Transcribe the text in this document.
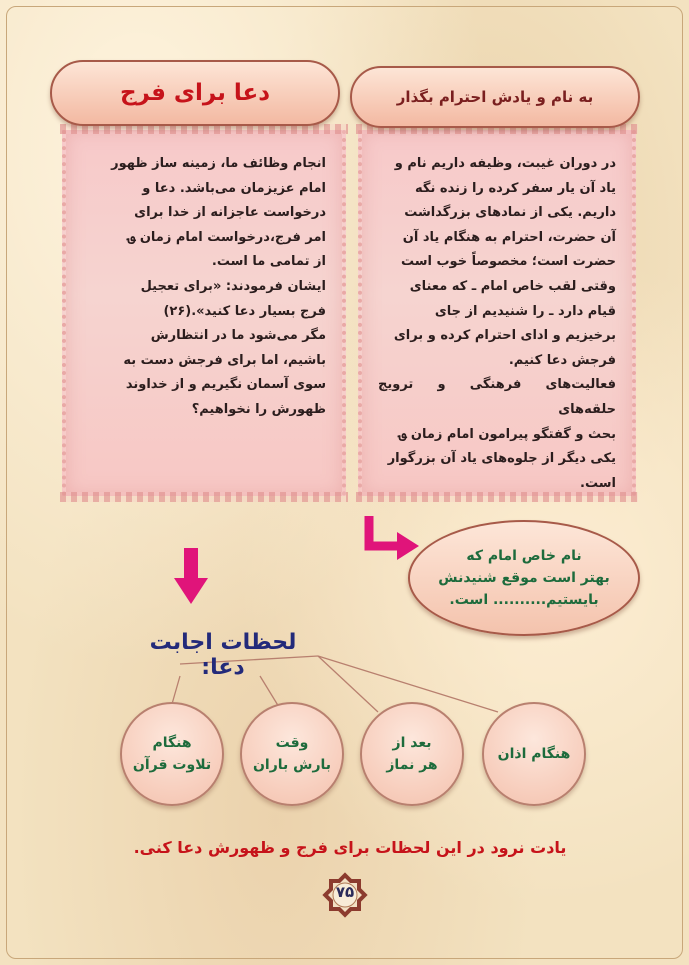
در دوران غیبت، وظیفه داریم نام و

یاد آن یار سفر کرده را زنده نگه

داریم. یکی از نمادهای بزرگداشت

آن حضرت، احترام به هنگام یاد آن

حضرت است؛ مخصوصاً خوب است

وقتی لقب خاص امام ـ که معنای

قیام دارد ـ را شنیدیم از جای

برخیزیم و ادای احترام کرده و برای

فرجش دعا کنیم.

فعالیت‌های فرهنگی و ترویج حلقه‌های

بحث و گفتگو پیرامون امام زمان ؈

یکی دیگر از جلوه‌های یاد آن بزرگوار

است.

انجام وظائف ما، زمینه ساز ظهور

امام عزیزمان می‌باشد. دعا و

درخواست عاجزانه از خدا برای

امر فرج،درخواست امام زمان ؈

از تمامی ما است.

ایشان فرمودند: «برای تعجیل

فرج بسیار دعا کنید».(۲۶)

مگر می‌شود ما در انتظارش

باشیم، اما برای فرجش دست به

سوی آسمان نگیریم و از خداوند

ظهورش را نخواهیم؟

به نام و یادش احترام بگذار
دعا برای فرج
نام خاص امام که
بهتر است موقع شنیدنش
بایستیم.......... است.
لحظات اجابت دعا:
هنگام اذان
بعد از
هر نماز
وقت
بارش باران
هنگام
تلاوت قرآن
یادت نرود در این لحظات برای فرج و ظهورش دعا کنی.
۷۵
